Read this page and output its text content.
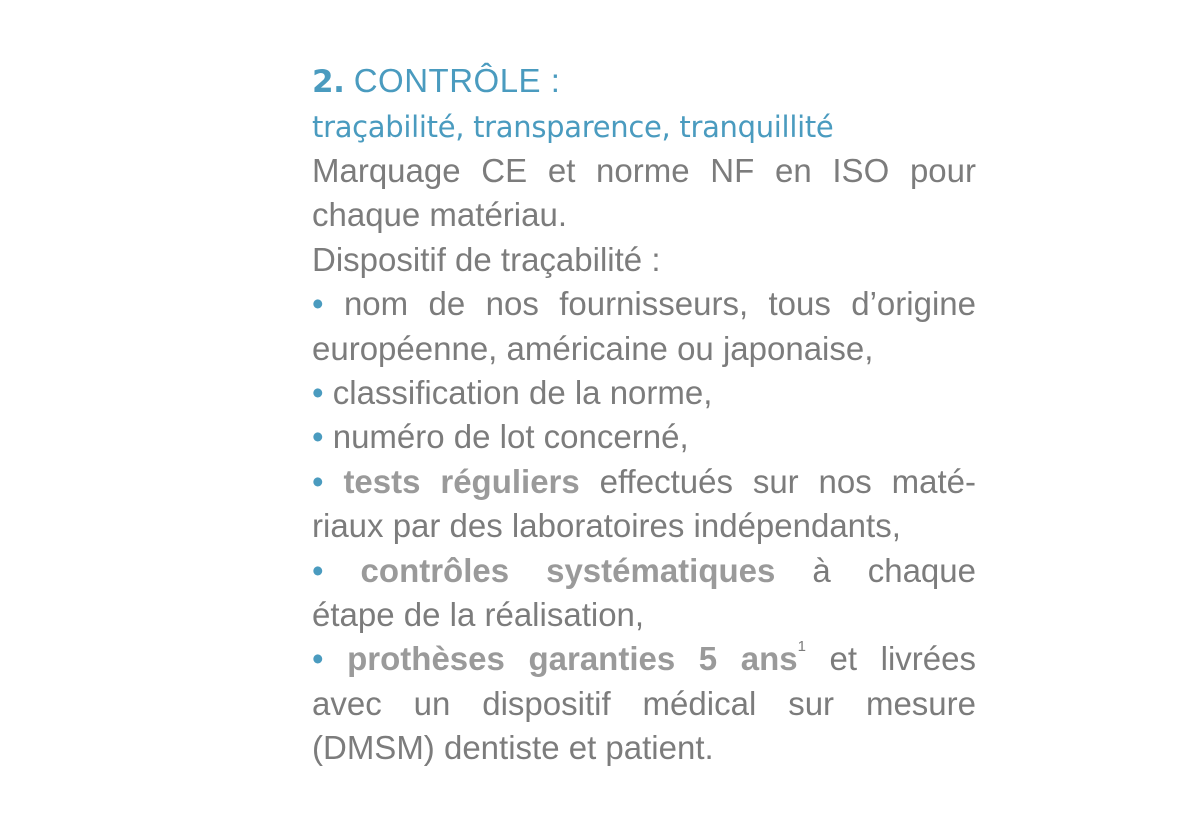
2. CONTRÔLE :

traçabilité, transparence, tranquillité

Marquage CE et norme NF en ISO pour
chaque matériau.
Dispositif de traçabilité :
• nom de nos fournisseurs, tous d’origine
européenne, américaine ou japonaise,
• classification de la norme,
• numéro de lot concerné,
• tests réguliers effectués sur nos maté-
riaux par des laboratoires indépendants,
• contrôles systématiques à chaque
étape de la réalisation,
• prothèses garanties 5 ans$^1$ et livrées
avec un dispositif médical sur mesure
(DMSM) dentiste et patient.
